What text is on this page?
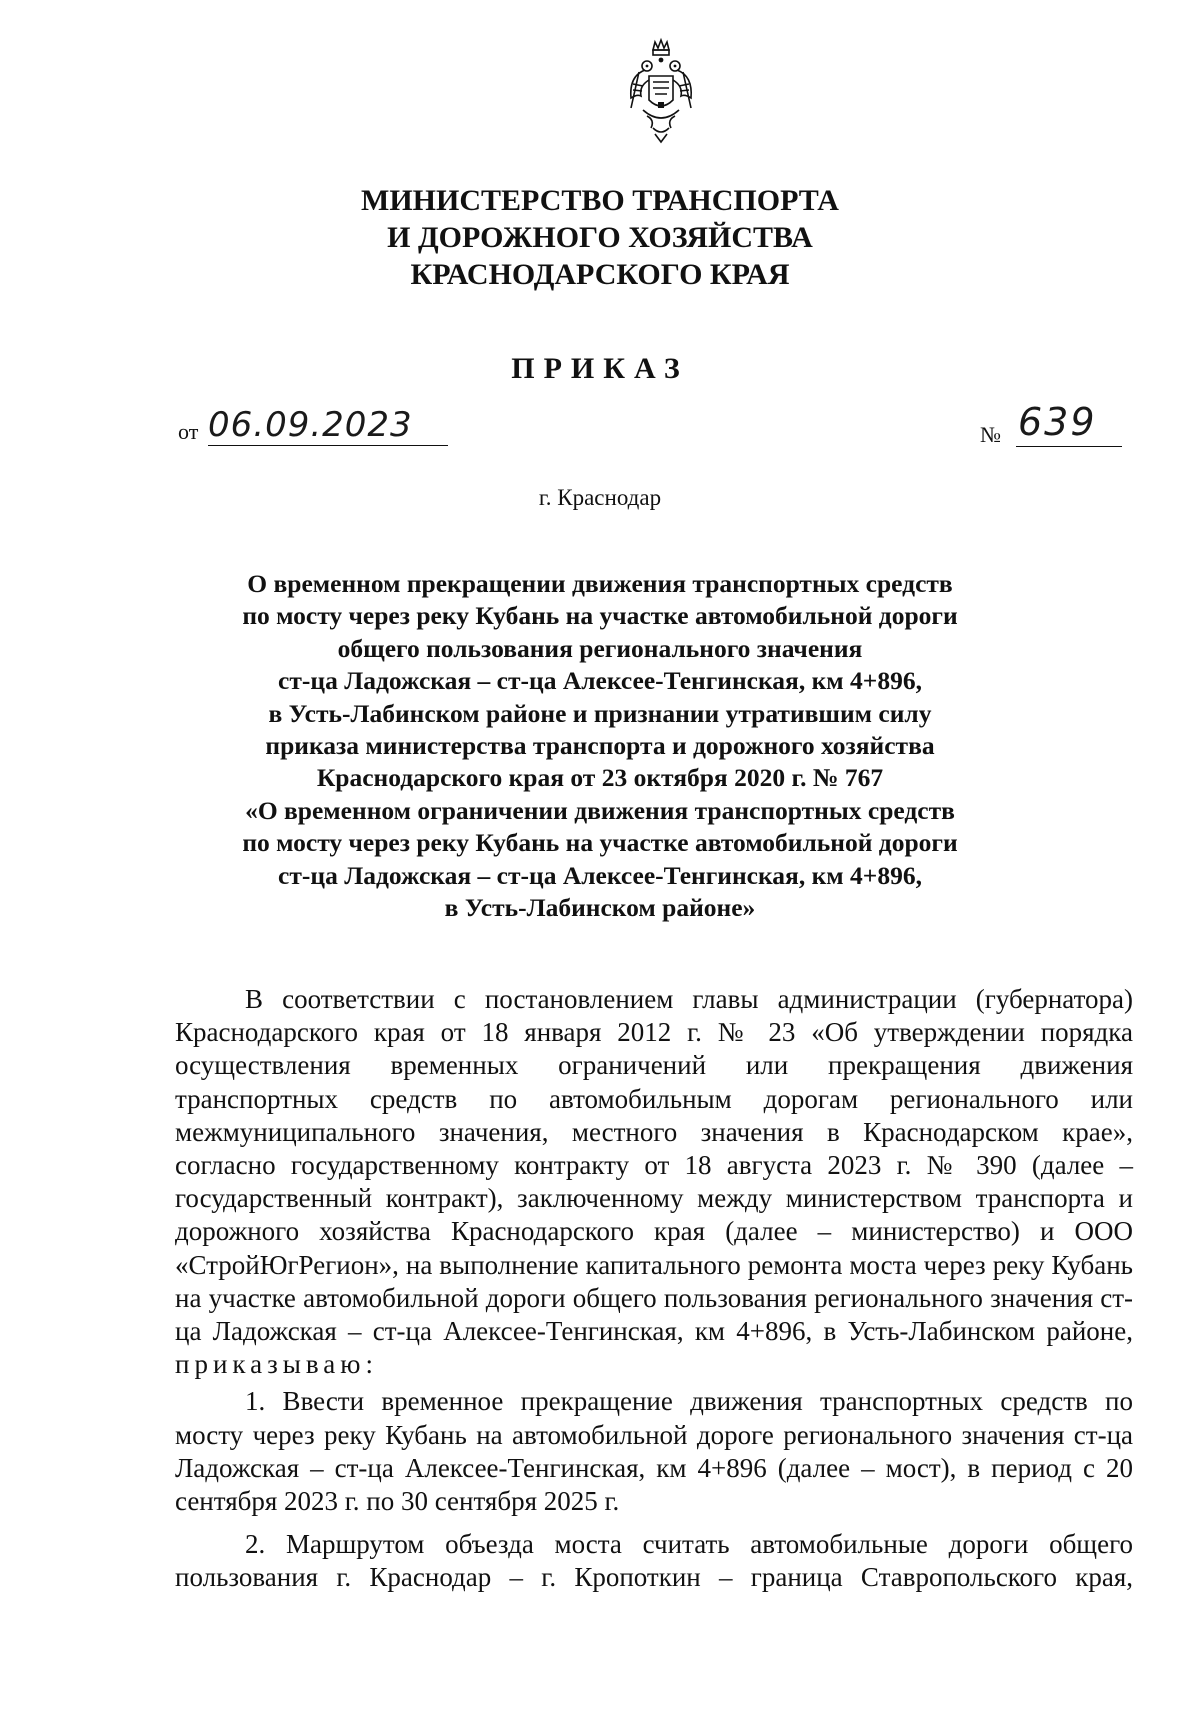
МИНИСТЕРСТВО ТРАНСПОРТА
И ДОРОЖНОГО ХОЗЯЙСТВА
КРАСНОДАРСКОГО КРАЯ
ПРИКАЗ
от 06.09.2023	№ 639
г. Краснодар
О временном прекращении движения транспортных средств
по мосту через реку Кубань на участке автомобильной дороги
общего пользования регионального значения
ст-ца Ладожская – ст-ца Алексее-Тенгинская, км 4+896,
в Усть-Лабинском районе и признании утратившим силу
приказа министерства транспорта и дорожного хозяйства
Краснодарского края от 23 октября 2020 г. № 767
«О временном ограничении движения транспортных средств
по мосту через реку Кубань на участке автомобильной дороги
ст-ца Ладожская – ст-ца Алексее-Тенгинская, км 4+896,
в Усть-Лабинском районе»

В соответствии с постановлением главы администрации (губернатора) Краснодарского края от 18 января 2012 г. № 23 «Об утверждении порядка осуществления временных ограничений или прекращения движения транспортных средств по автомобильным дорогам регионального или межмуниципального значения, местного значения в Краснодарском крае», согласно государственному контракту от 18 августа 2023 г. № 390 (далее – государственный контракт), заключенному между министерством транспорта и дорожного хозяйства Краснодарского края (далее – министерство) и ООО «СтройЮгРегион», на выполнение капитального ремонта моста через реку Кубань на участке автомобильной дороги общего пользования регионального значения ст-ца Ладожская – ст-ца Алексее-Тенгинская, км 4+896, в Усть-Лабинском районе, приказываю:

1. Ввести временное прекращение движения транспортных средств по мосту через реку Кубань на автомобильной дороге регионального значения ст-ца Ладожская – ст-ца Алексее-Тенгинская, км 4+896 (далее – мост), в период с 20 сентября 2023 г. по 30 сентября 2025 г.

2. Маршрутом объезда моста считать автомобильные дороги общего пользования г. Краснодар – г. Кропоткин – граница Ставропольского края,
